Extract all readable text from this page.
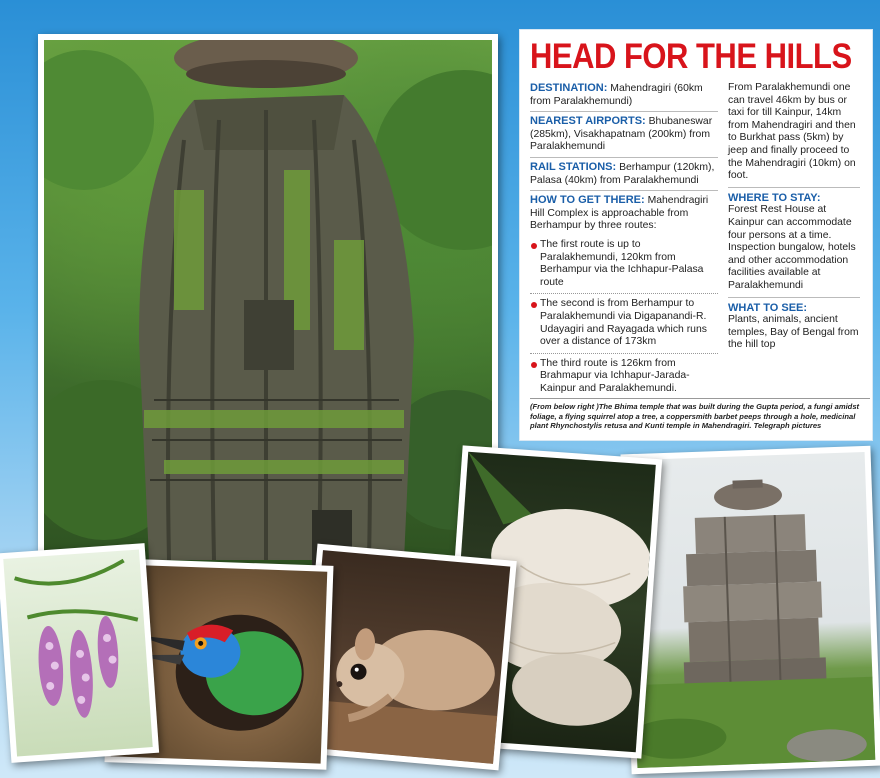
HEAD FOR THE HILLS
DESTINATION: Mahendragiri (60km from Paralakhemundi)
NEAREST AIRPORTS: Bhubaneswar (285km), Visakhapatnam (200km) from Paralakhemundi
RAIL STATIONS: Berhampur (120km), Palasa (40km) from Paralakhemundi
HOW TO GET THERE: Mahendragiri Hill Complex is approachable from Berhampur by three routes:
The first route is up to Paralakhemundi, 120km from Berhampur via the Ichhapur-Palasa route
The second is from Berhampur to Paralakhemundi via Digapanandi-R. Udayagiri and Rayagada which runs over a distance of 173km
The third route is 126km from Brahmapur via Ichhapur-Jarada-Kainpur and Paralakhemundi.
From Paralakhemundi one can travel 46km by bus or taxi for till Kainpur, 14km from Mahendragiri and then to Burkhat pass (5km) by jeep and finally proceed to the Mahendragiri (10km) on foot.
WHERE TO STAY:
Forest Rest House at Kainpur can accommodate four persons at a time. Inspection bungalow, hotels and other accommodation facilities available at Paralakhemundi
WHAT TO SEE:
Plants, animals, ancient temples, Bay of Bengal from the hill top
(From below right )The Bhima temple that was built during the Gupta period, a fungi amidst foliage, a flying squirrel atop a tree, a coppersmith barbet peeps through a hole, medicinal plant Rhynchostylis retusa and Kunti temple in Mahendragiri. Telegraph pictures
